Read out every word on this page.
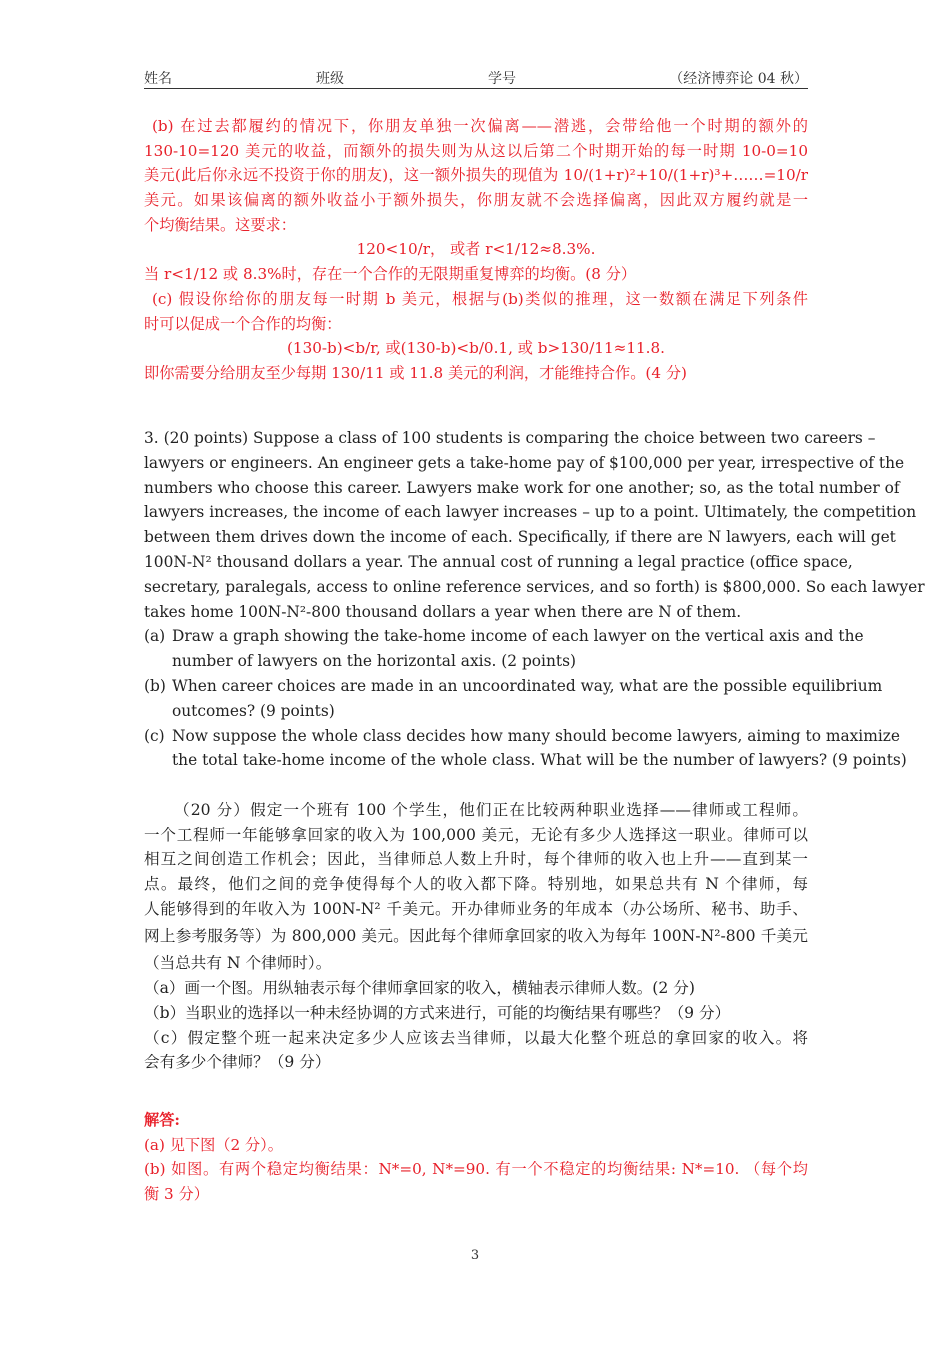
姓名	班级	学号	（经济博弈论 04 秋）
(b) 在过去都履约的情况下，你朋友单独一次偏离——潜逃，会带给他一个时期的额外的
130-10=120 美元的收益，而额外的损失则为从这以后第二个时期开始的每一时期 10-0=10
美元(此后你永远不投资于你的朋友)，这一额外损失的现值为 10/(1+r)²+10/(1+r)³+……=10/r
美元。如果该偏离的额外收益小于额外损失，你朋友就不会选择偏离，因此双方履约就是一
个均衡结果。这要求：
120<10/r， 或者 r<1/12≈8.3%.
当 r<1/12 或 8.3%时，存在一个合作的无限期重复博弈的均衡。(8 分）
(c) 假设你给你的朋友每一时期 b 美元，根据与(b)类似的推理，这一数额在满足下列条件
时可以促成一个合作的均衡：
(130-b)<b/r, 或(130-b)<b/0.1, 或 b>130/11≈11.8.
即你需要分给朋友至少每期 130/11 或 11.8 美元的利润，才能维持合作。(4 分)
3. (20 points) Suppose a class of 100 students is comparing the choice between two careers –
lawyers or engineers. An engineer gets a take-home pay of $100,000 per year, irrespective of the
numbers who choose this career. Lawyers make work for one another; so, as the total number of
lawyers increases, the income of each lawyer increases – up to a point. Ultimately, the competition
between them drives down the income of each. Specifically, if there are N lawyers, each will get
100N-N² thousand dollars a year. The annual cost of running a legal practice (office space,
secretary, paralegals, access to online reference services, and so forth) is $800,000. So each lawyer
takes home 100N-N²-800 thousand dollars a year when there are N of them.
(a) Draw a graph showing the take-home income of each lawyer on the vertical axis and the
number of lawyers on the horizontal axis. (2 points)
(b) When career choices are made in an uncoordinated way, what are the possible equilibrium
outcomes? (9 points)
(c) Now suppose the whole class decides how many should become lawyers, aiming to maximize
the total take-home income of the whole class. What will be the number of lawyers? (9 points)
（20 分）假定一个班有 100 个学生，他们正在比较两种职业选择——律师或工程师。
一个工程师一年能够拿回家的收入为 100,000 美元，无论有多少人选择这一职业。律师可以
相互之间创造工作机会；因此，当律师总人数上升时，每个律师的收入也上升——直到某一
点。最终，他们之间的竞争使得每个人的收入都下降。特别地，如果总共有 N 个律师，每
人能够得到的年收入为 100N-N² 千美元。开办律师业务的年成本（办公场所、秘书、助手、
网上参考服务等）为 800,000 美元。因此每个律师拿回家的收入为每年 100N-N²-800 千美元
（当总共有 N 个律师时）。
（a）画一个图。用纵轴表示每个律师拿回家的收入，横轴表示律师人数。(2 分)
（b）当职业的选择以一种未经协调的方式来进行，可能的均衡结果有哪些？（9 分）
（c）假定整个班一起来决定多少人应该去当律师，以最大化整个班总的拿回家的收入。将
会有多少个律师？（9 分）
解答:
(a) 见下图（2 分）。
(b) 如图。有两个稳定均衡结果：N*=0, N*=90. 有一个不稳定的均衡结果: N*=10. （每个均
衡 3 分）
3
